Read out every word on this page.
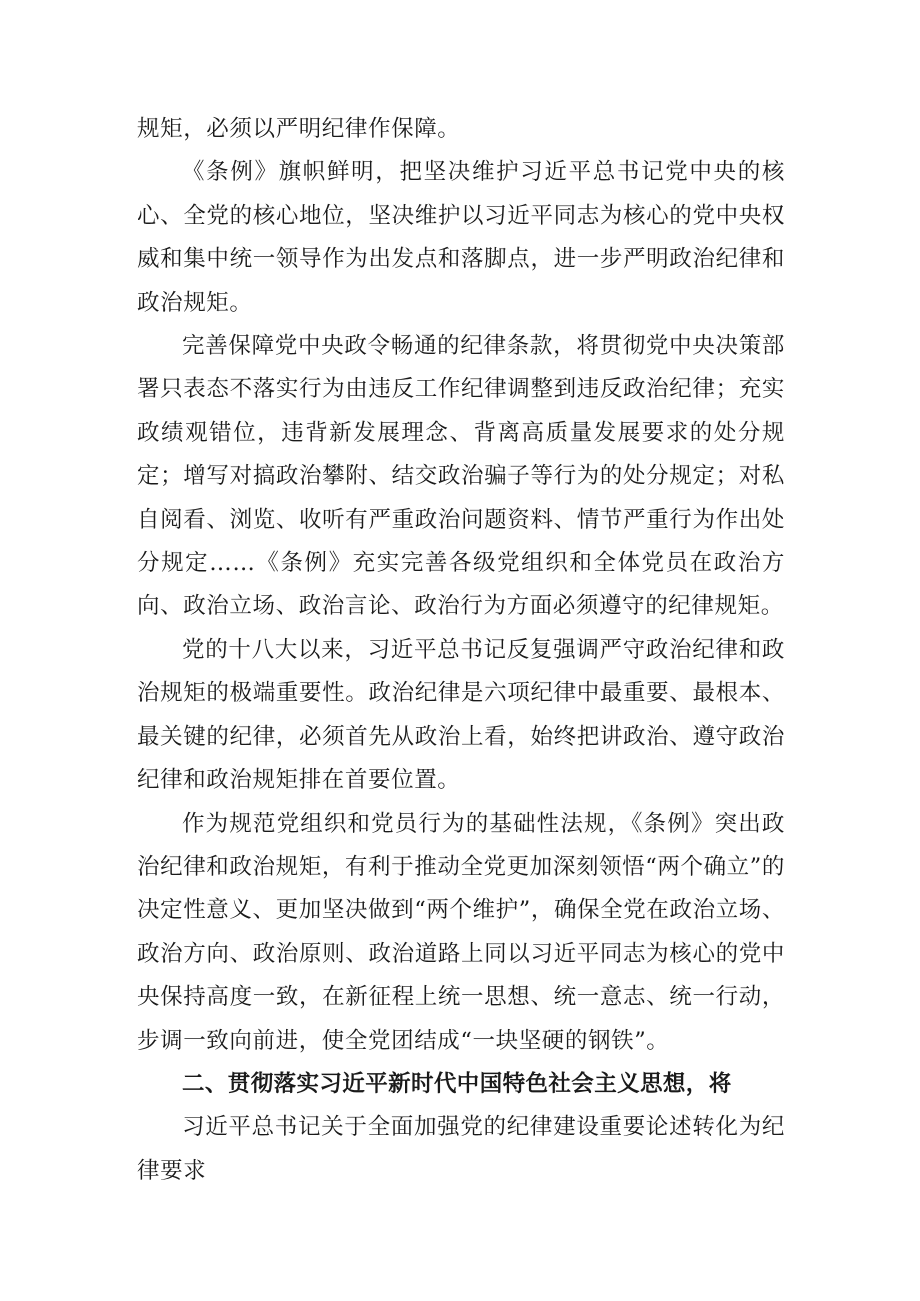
规矩，必须以严明纪律作保障。

《条例》旗帜鲜明，把坚决维护习近平总书记党中央的核心、全党的核心地位，坚决维护以习近平同志为核心的党中央权威和集中统一领导作为出发点和落脚点，进一步严明政治纪律和政治规矩。

完善保障党中央政令畅通的纪律条款，将贯彻党中央决策部署只表态不落实行为由违反工作纪律调整到违反政治纪律；充实政绩观错位，违背新发展理念、背离高质量发展要求的处分规定；增写对搞政治攀附、结交政治骗子等行为的处分规定；对私自阅看、浏览、收听有严重政治问题资料、情节严重行为作出处分规定……《条例》充实完善各级党组织和全体党员在政治方向、政治立场、政治言论、政治行为方面必须遵守的纪律规矩。

党的十八大以来，习近平总书记反复强调严守政治纪律和政治规矩的极端重要性。政治纪律是六项纪律中最重要、最根本、最关键的纪律，必须首先从政治上看，始终把讲政治、遵守政治纪律和政治规矩排在首要位置。

作为规范党组织和党员行为的基础性法规，《条例》突出政治纪律和政治规矩，有利于推动全党更加深刻领悟“两个确立”的决定性意义、更加坚决做到“两个维护”，确保全党在政治立场、政治方向、政治原则、政治道路上同以习近平同志为核心的党中央保持高度一致，在新征程上统一思想、统一意志、统一行动，步调一致向前进，使全党团结成“一块坚硬的钢铁”。

二、贯彻落实习近平新时代中国特色社会主义思想，将

习近平总书记关于全面加强党的纪律建设重要论述转化为纪律要求
